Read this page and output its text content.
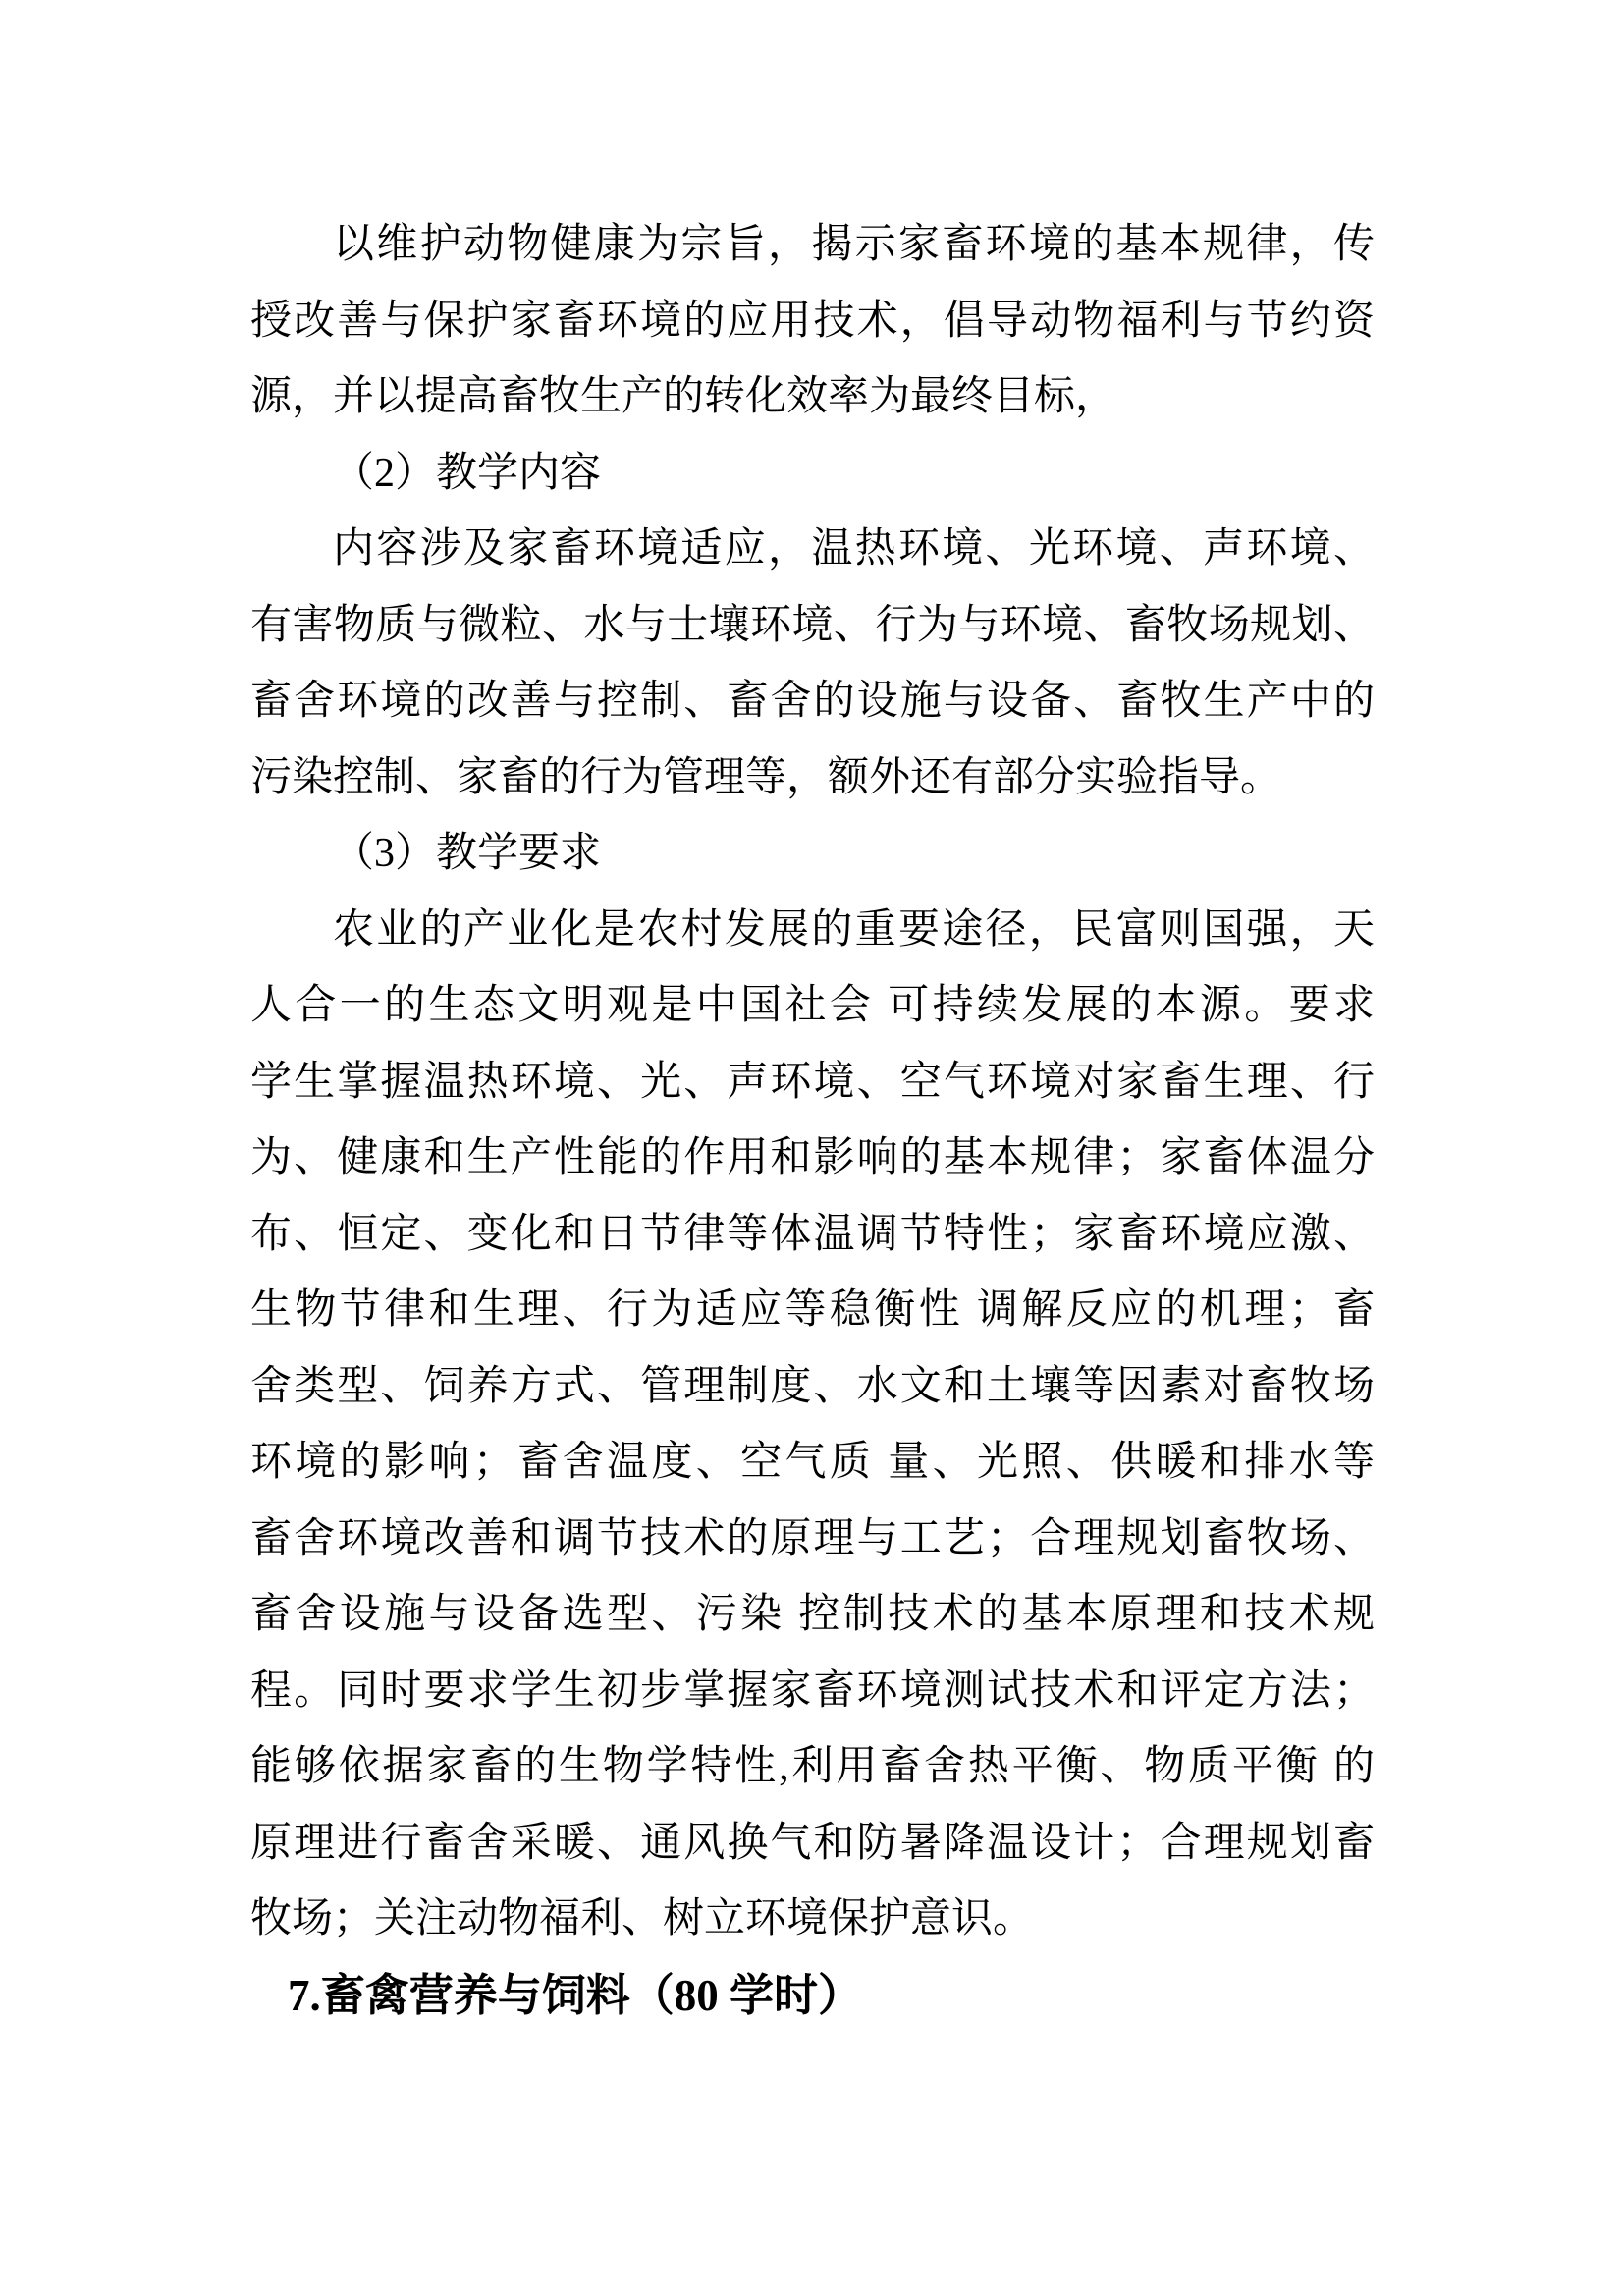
以维护动物健康为宗旨，揭示家畜环境的基本规律，传
授改善与保护家畜环境的应用技术，倡导动物福利与节约资
源，并以提高畜牧生产的转化效率为最终目标，
（2）教学内容
内容涉及家畜环境适应，温热环境、光环境、声环境、
有害物质与微粒、水与士壤环境、行为与环境、畜牧场规划、
畜舍环境的改善与控制、畜舍的设施与设备、畜牧生产中的
污染控制、家畜的行为管理等，额外还有部分实验指导。
（3）教学要求
农业的产业化是农村发展的重要途径，民富则国强，天
人合一的生态文明观是中国社会 可持续发展的本源。要求
学生掌握温热环境、光、声环境、空气环境对家畜生理、行
为、健康和生产性能的作用和影响的基本规律；家畜体温分
布、恒定、变化和日节律等体温调节特性；家畜环境应激、
生物节律和生理、行为适应等稳衡性 调解反应的机理；畜
舍类型、饲养方式、管理制度、水文和土壤等因素对畜牧场
环境的影响；畜舍温度、空气质 量、光照、供暖和排水等
畜舍环境改善和调节技术的原理与工艺；合理规划畜牧场、
畜舍设施与设备选型、污染 控制技术的基本原理和技术规
程。同时要求学生初步掌握家畜环境测试技术和评定方法；
能够依据家畜的生物学特性,利用畜舍热平衡、物质平衡 的
原理进行畜舍采暖、通风换气和防暑降温设计；合理规划畜
牧场；关注动物福利、树立环境保护意识。
7.畜禽营养与饲料（80 学时）
